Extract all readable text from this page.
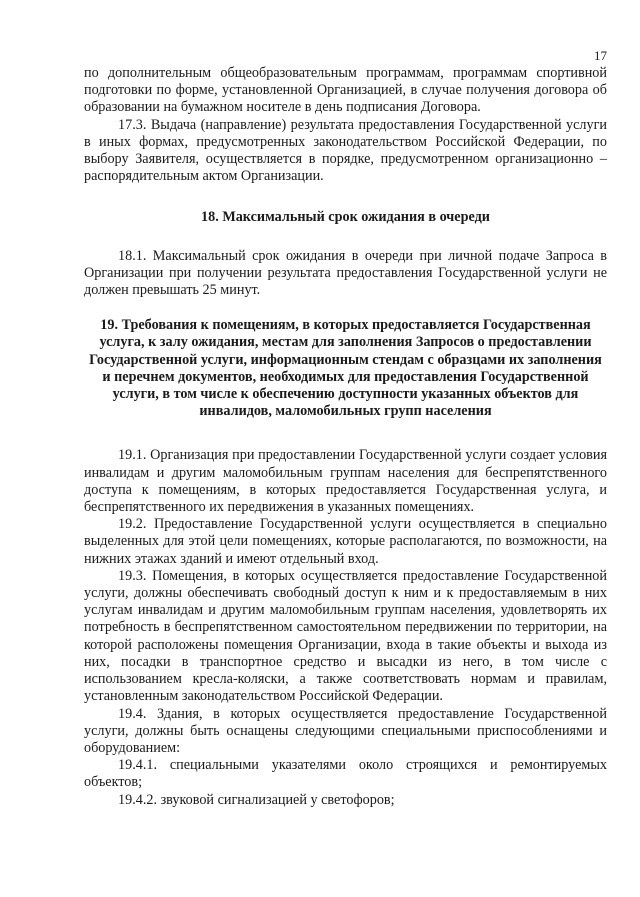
17

по дополнительным общеобразовательным программам, программам спортивной подготовки по форме, установленной Организацией, в случае получения договора об образовании на бумажном носителе в день подписания Договора.

17.3. Выдача (направление) результата предоставления Государственной услуги в иных формах, предусмотренных законодательством Российской Федерации, по выбору Заявителя, осуществляется в порядке, предусмотренном организационно – распорядительным актом Организации.

18. Максимальный срок ожидания в очереди

18.1. Максимальный срок ожидания в очереди при личной подаче Запроса в Организации при получении результата предоставления Государственной услуги не должен превышать 25 минут.

19. Требования к помещениям, в которых предоставляется Государственная услуга, к залу ожидания, местам для заполнения Запросов о предоставлении Государственной услуги, информационным стендам с образцами их заполнения и перечнем документов, необходимых для предоставления Государственной услуги, в том числе к обеспечению доступности указанных объектов для инвалидов, маломобильных групп населения

19.1. Организация при предоставлении Государственной услуги создает условия инвалидам и другим маломобильным группам населения для беспрепятственного доступа к помещениям, в которых предоставляется Государственная услуга, и беспрепятственного их передвижения в указанных помещениях.

19.2. Предоставление Государственной услуги осуществляется в специально выделенных для этой цели помещениях, которые располагаются, по возможности, на нижних этажах зданий и имеют отдельный вход.

19.3. Помещения, в которых осуществляется предоставление Государственной услуги, должны обеспечивать свободный доступ к ним и к предоставляемым в них услугам инвалидам и другим маломобильным группам населения, удовлетворять их потребность в беспрепятственном самостоятельном передвижении по территории, на которой расположены помещения Организации, входа в такие объекты и выхода из них, посадки в транспортное средство и высадки из него, в том числе с использованием кресла-коляски, а также соответствовать нормам и правилам, установленным законодательством Российской Федерации.

19.4. Здания, в которых осуществляется предоставление Государственной услуги, должны быть оснащены следующими специальными приспособлениями и оборудованием:

19.4.1. специальными указателями около строящихся и ремонтируемых объектов;

19.4.2. звуковой сигнализацией у светофоров;
